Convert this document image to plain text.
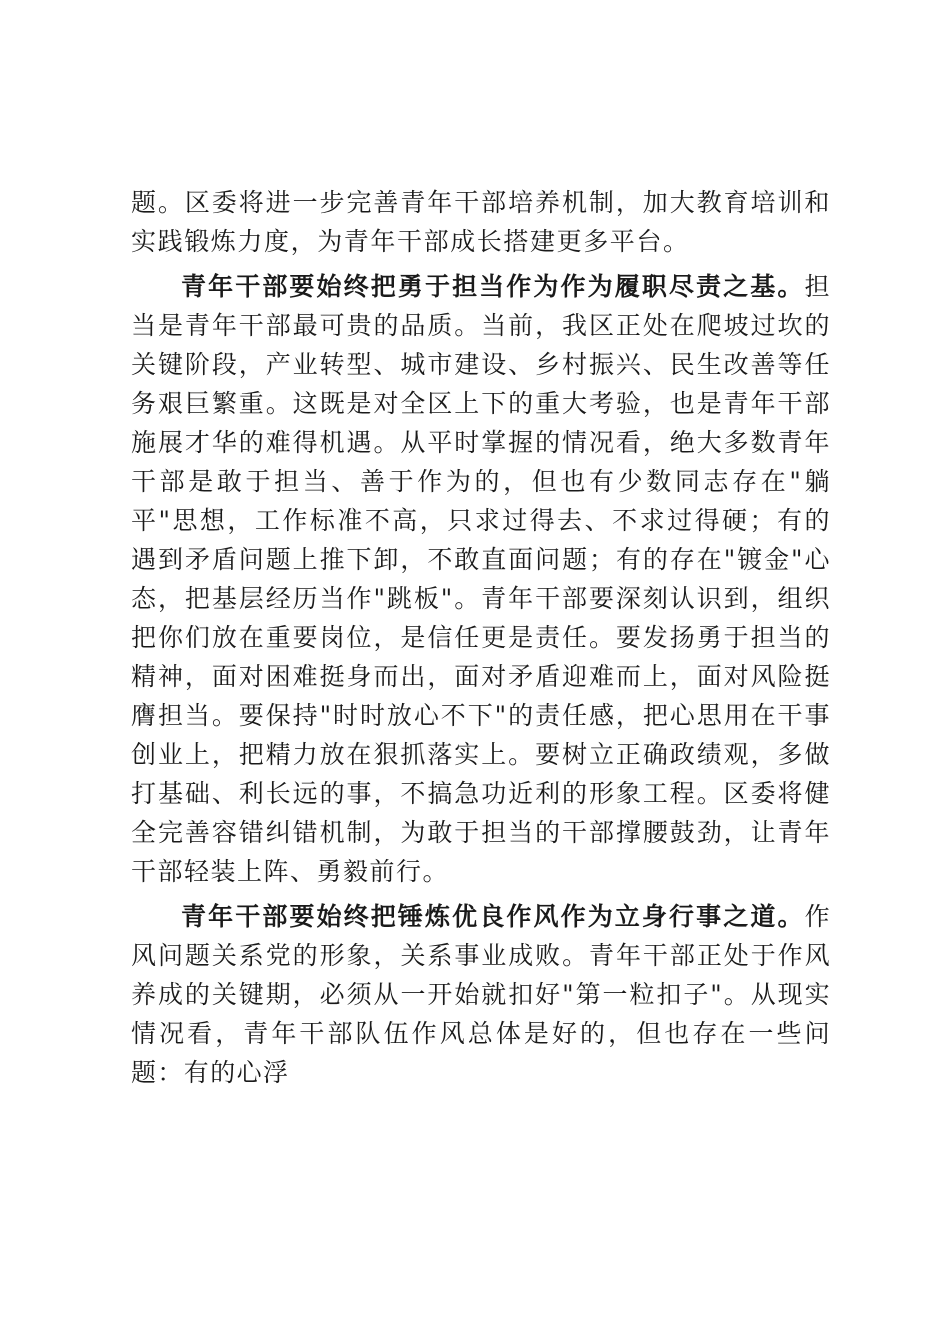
题。区委将进一步完善青年干部培养机制，加大教育培训和实践锻炼力度，为青年干部成长搭建更多平台。

青年干部要始终把勇于担当作为作为履职尽责之基。担当是青年干部最可贵的品质。当前，我区正处在爬坡过坎的关键阶段，产业转型、城市建设、乡村振兴、民生改善等任务艰巨繁重。这既是对全区上下的重大考验，也是青年干部施展才华的难得机遇。从平时掌握的情况看，绝大多数青年干部是敢于担当、善于作为的，但也有少数同志存在"躺平"思想，工作标准不高，只求过得去、不求过得硬；有的遇到矛盾问题上推下卸，不敢直面问题；有的存在"镀金"心态，把基层经历当作"跳板"。青年干部要深刻认识到，组织把你们放在重要岗位，是信任更是责任。要发扬勇于担当的精神，面对困难挺身而出，面对矛盾迎难而上，面对风险挺膺担当。要保持"时时放心不下"的责任感，把心思用在干事创业上，把精力放在狠抓落实上。要树立正确政绩观，多做打基础、利长远的事，不搞急功近利的形象工程。区委将健全完善容错纠错机制，为敢于担当的干部撑腰鼓劲，让青年干部轻装上阵、勇毅前行。

青年干部要始终把锤炼优良作风作为立身行事之道。作风问题关系党的形象，关系事业成败。青年干部正处于作风养成的关键期，必须从一开始就扣好"第一粒扣子"。从现实情况看，青年干部队伍作风总体是好的，但也存在一些问题：有的心浮
